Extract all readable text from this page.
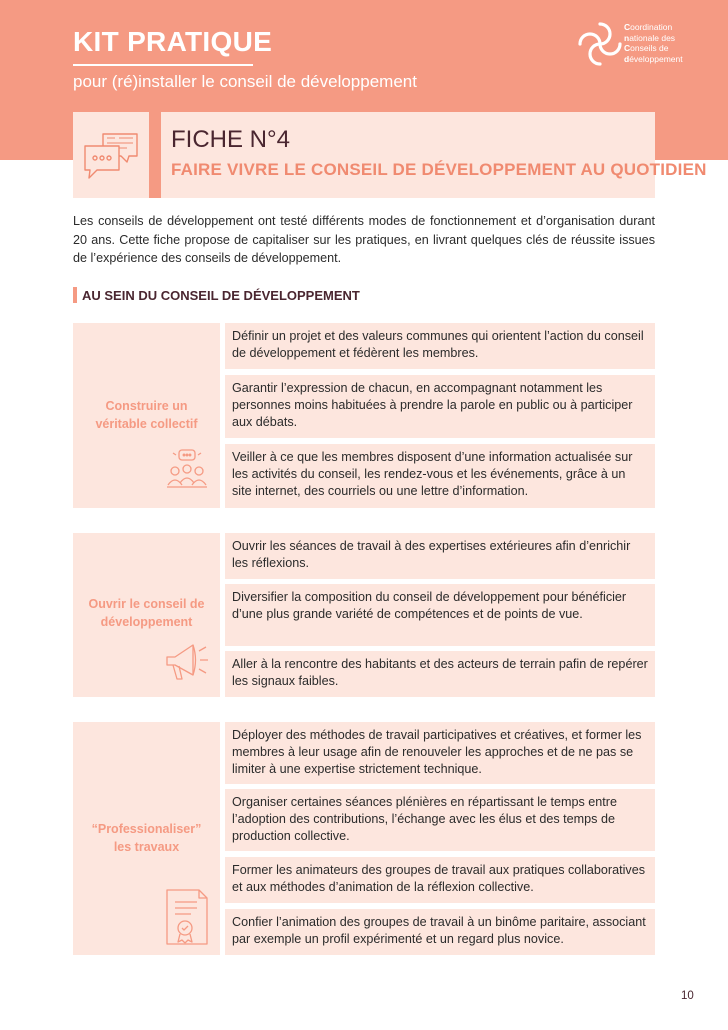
KIT PRATIQUE
pour (ré)installer le conseil de développement
Coordination
nationale des
Conseils de
développement
FICHE N°4
FAIRE VIVRE LE CONSEIL DE DÉVELOPPEMENT AU QUOTIDIEN
Les conseils de développement ont testé différents modes de fonctionnement et d’organisation durant 20 ans. Cette fiche propose de capitaliser sur les pratiques, en livrant quelques clés de réussite issues de l’expérience des conseils de développement.
AU SEIN DU CONSEIL DE DÉVELOPPEMENT
Construire un
véritable collectif
Définir un projet et des valeurs communes qui orientent l’action du conseil de développement et fédèrent les membres.
Garantir l’expression de chacun, en accompagnant notamment les personnes moins habituées à prendre la parole en public ou à participer aux débats.
Veiller à ce que les membres disposent d’une information actualisée sur les activités du conseil, les rendez-vous et les événements, grâce à un site internet, des courriels ou une lettre d’information.
Ouvrir le conseil de
développement
Ouvrir les séances de travail à des expertises extérieures afin d’enrichir les réflexions.
Diversifier la composition du conseil de développement pour bénéficier d’une plus grande variété de compétences et de points de vue.
Aller à la rencontre des habitants et des acteurs de terrain pafin de repérer les signaux faibles.
“Professionaliser”
les travaux
Déployer des méthodes de travail participatives et créatives, et former les membres à leur usage afin de renouveler les approches et de ne pas se limiter à une expertise strictement technique.
Organiser certaines séances plénières en répartissant le temps entre l’adoption des contributions, l’échange avec les élus et des temps de production collective.
Former les animateurs des groupes de travail aux pratiques collaboratives et aux méthodes d’animation de la réflexion collective.
Confier l’animation des groupes de travail à un binôme paritaire, associant par exemple un profil expérimenté et un regard plus novice.
10
